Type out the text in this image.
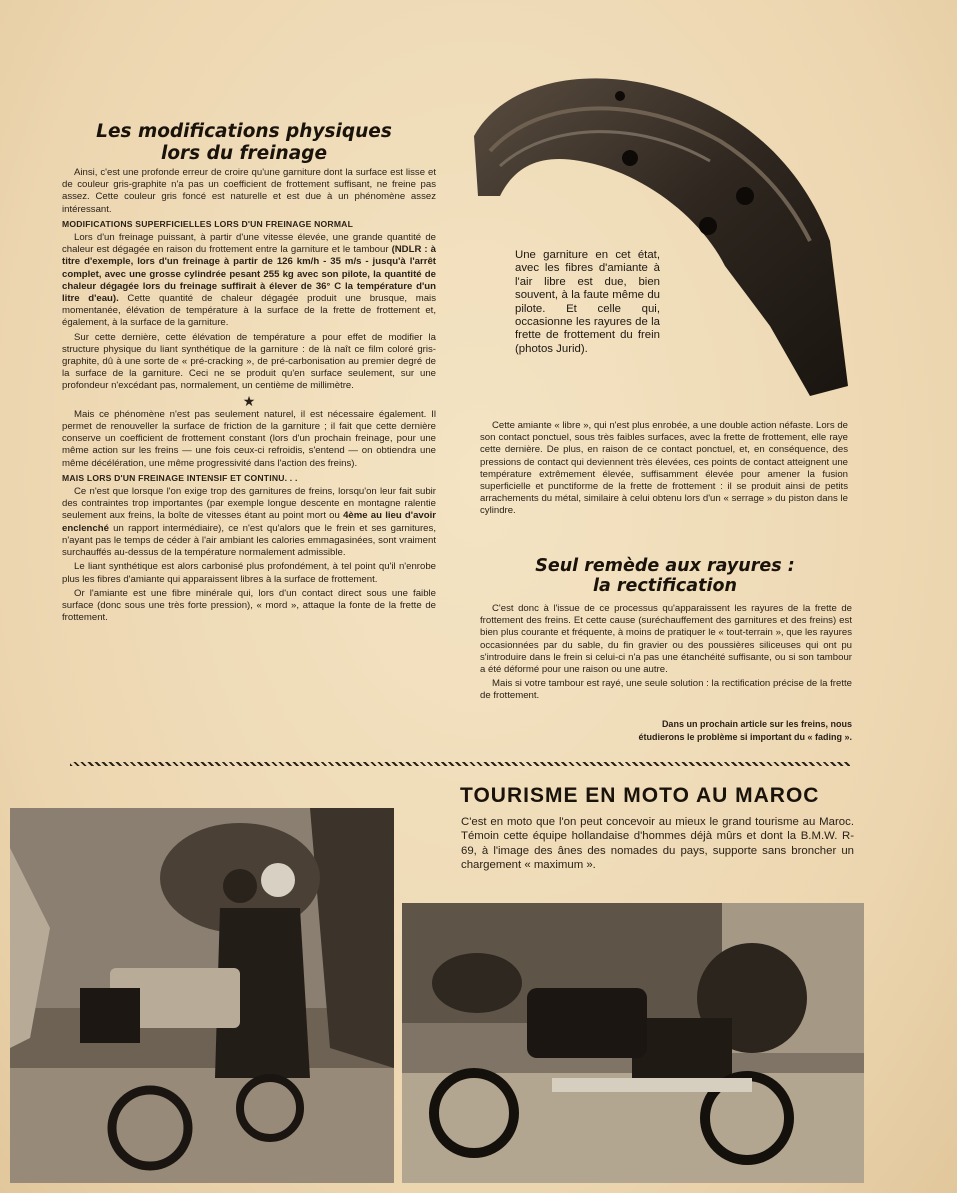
Les modifications physiques
lors du freinage

Ainsi, c'est une profonde erreur de croire qu'une garniture dont la surface est lisse et de couleur gris-graphite n'a pas un coefficient de frottement suffisant, ne freine pas assez. Cette couleur gris foncé est naturelle et est due à un phénomène assez intéressant.

MODIFICATIONS SUPERFICIELLES LORS D'UN FREINAGE NORMAL

Lors d'un freinage puissant, à partir d'une vitesse élevée, une grande quantité de chaleur est dégagée en raison du frottement entre la garniture et le tambour (NDLR : à titre d'exemple, lors d'un freinage à partir de 126 km/h - 35 m/s - jusqu'à l'arrêt complet, avec une grosse cylindrée pesant 255 kg avec son pilote, la quantité de chaleur dégagée lors du freinage suffirait à élever de 36° C la température d'un litre d'eau). Cette quantité de chaleur dégagée produit une brusque, mais momentanée, élévation de température à la surface de la frette de frottement et, également, à la surface de la garniture.

Sur cette dernière, cette élévation de température a pour effet de modifier la structure physique du liant synthétique de la garniture : de là naît ce film coloré gris-graphite, dû à une sorte de « pré-cracking », de pré-carbonisation au premier degré de la surface de la garniture. Ceci ne se produit qu'en surface seulement, sur une profondeur n'excédant pas, normalement, un centième de millimètre.

★

Mais ce phénomène n'est pas seulement naturel, il est nécessaire également. Il permet de renouveller la surface de friction de la garniture ; il fait que cette dernière conserve un coefficient de frottement constant (lors d'un prochain freinage, pour une même action sur les freins — une fois ceux-ci refroidis, s'entend — on obtiendra une même décélération, une même progressivité dans l'action des freins).

MAIS LORS D'UN FREINAGE INTENSIF ET CONTINU. . .

Ce n'est que lorsque l'on exige trop des garnitures de freins, lorsqu'on leur fait subir des contraintes trop importantes (par exemple longue descente en montagne ralentie seulement aux freins, la boîte de vitesses étant au point mort ou 4ème au lieu d'avoir enclenché un rapport intermédiaire), ce n'est qu'alors que le frein et ses garnitures, n'ayant pas le temps de céder à l'air ambiant les calories emmagasinées, sont vraiment surchauffés au-dessus de la température normalement admissible.

Le liant synthétique est alors carbonisé plus profondément, à tel point qu'il n'enrobe plus les fibres d'amiante qui apparaissent libres à la surface de frottement.

Or l'amiante est une fibre minérale qui, lors d'un contact direct sous une faible surface (donc sous une très forte pression), « mord », attaque la fonte de la frette de frottement.

Une garniture en cet état, avec les fibres d'amiante à l'air libre est due, bien souvent, à la faute même du pilote. Et celle qui, occasionne les rayures de la frette de frottement du frein (photos Jurid).

Cette amiante « libre », qui n'est plus enrobée, a une double action néfaste. Lors de son contact ponctuel, sous très faibles surfaces, avec la frette de frottement, elle raye cette dernière. De plus, en raison de ce contact ponctuel, et, en conséquence, des pressions de contact qui deviennent très élevées, ces points de contact atteignent une température extrêmement élevée, suffisamment élevée pour amener la fusion superficielle et punctiforme de la frette de frottement : il se produit ainsi de petits arrachements du métal, similaire à celui obtenu lors d'un « serrage » du piston dans le cylindre.

Seul remède aux rayures :
la rectification

C'est donc à l'issue de ce processus qu'apparaissent les rayures de la frette de frottement des freins. Et cette cause (suréchauffement des garnitures et des freins) est bien plus courante et fréquente, à moins de pratiquer le « tout-terrain », que les rayures occasionnées par du sable, du fin gravier ou des poussières siliceuses qui ont pu s'introduire dans le frein si celui-ci n'a pas une étanchéité suffisante, ou si son tambour a été déformé pour une raison ou une autre.

Mais si votre tambour est rayé, une seule solution : la rectification précise de la frette de frottement.

Dans un prochain article sur les freins, nous
étudierons le problème si important du « fading ».
TOURISME EN MOTO AU MAROC
C'est en moto que l'on peut concevoir au mieux le grand tourisme au Maroc. Témoin cette équipe hollandaise d'hommes déjà mûrs et dont la B.M.W. R-69, à l'image des ânes des nomades du pays, supporte sans broncher un chargement « maximum ».
